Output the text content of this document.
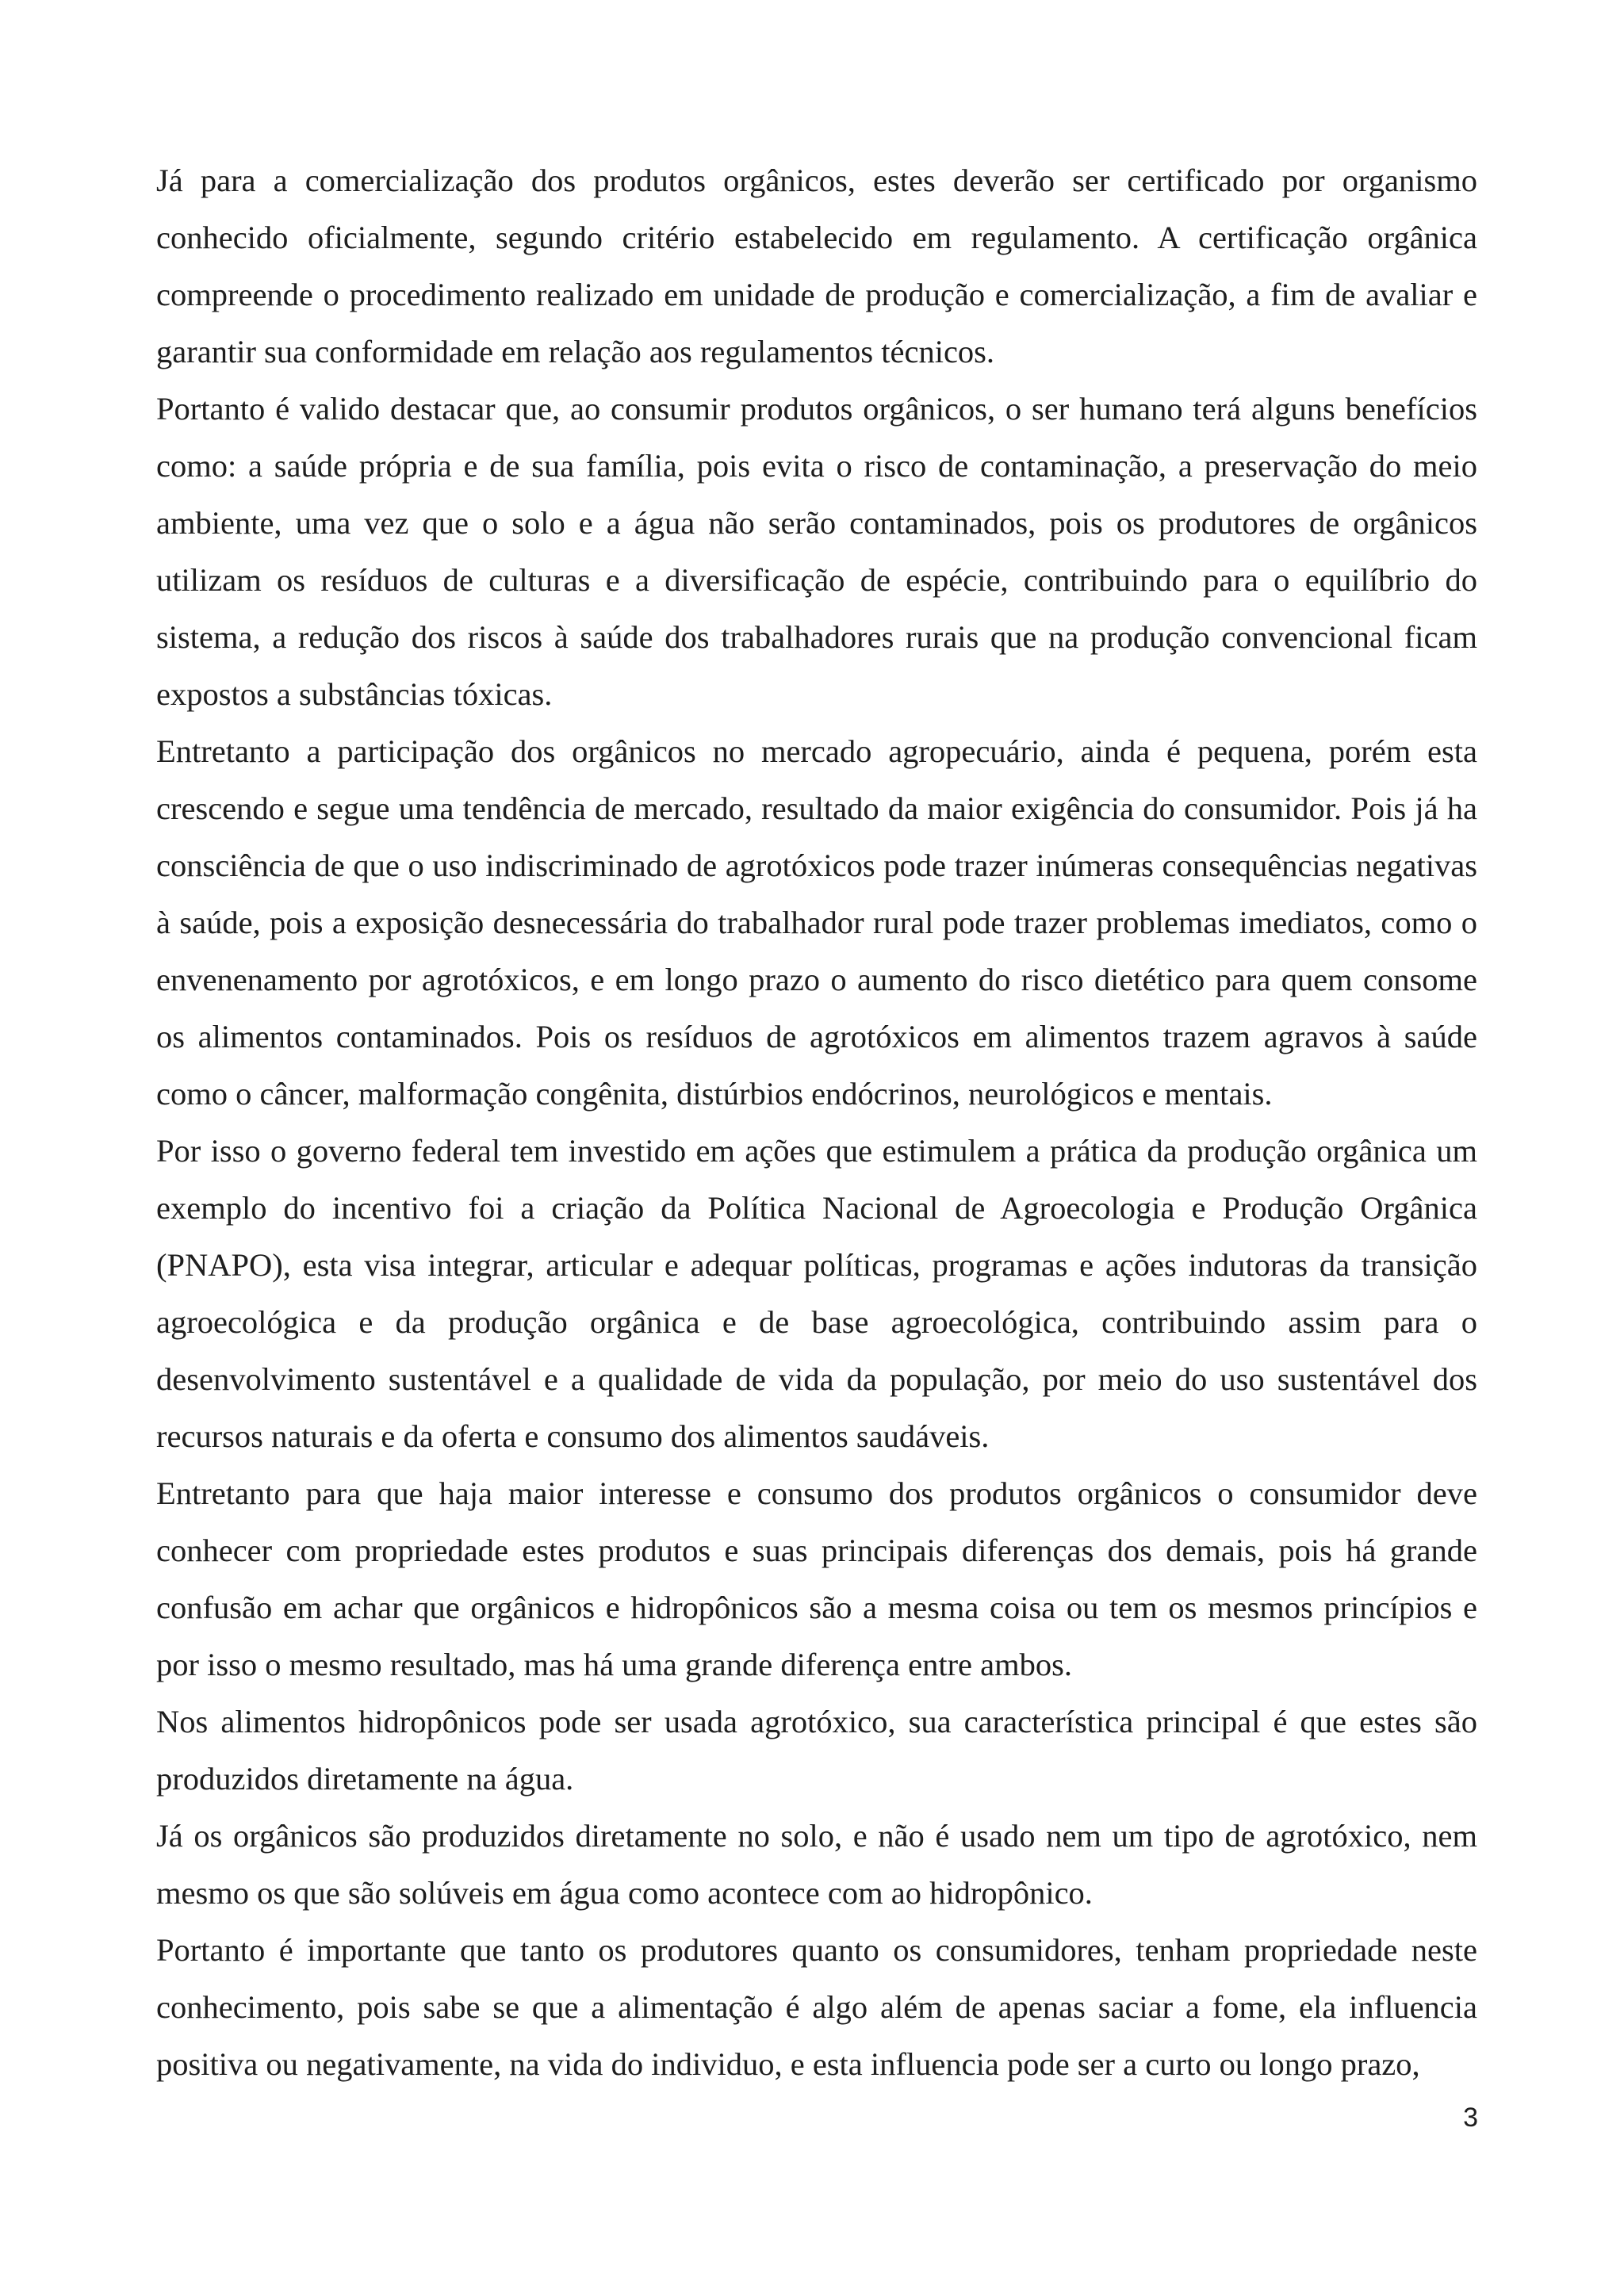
Já para a comercialização dos produtos orgânicos, estes deverão ser certificado por organismo conhecido oficialmente, segundo critério estabelecido em regulamento. A certificação orgânica compreende o procedimento realizado em unidade de produção e comercialização, a fim de avaliar e garantir sua conformidade em relação aos regulamentos técnicos.

Portanto é valido destacar que, ao consumir produtos orgânicos, o ser humano terá alguns benefícios como: a saúde própria e de sua família, pois evita o risco de contaminação, a preservação do meio ambiente, uma vez que o solo e a água não serão contaminados, pois os produtores de orgânicos utilizam os resíduos de culturas e a diversificação de espécie, contribuindo para o equilíbrio do sistema, a redução dos riscos à saúde dos trabalhadores rurais que na produção convencional ficam expostos a substâncias tóxicas.

Entretanto a participação dos orgânicos no mercado agropecuário, ainda é pequena, porém esta crescendo e segue uma tendência de mercado, resultado da maior exigência do consumidor. Pois já ha consciência de que o uso indiscriminado de agrotóxicos pode trazer inúmeras consequências negativas à saúde, pois a exposição desnecessária do trabalhador rural pode trazer problemas imediatos, como o envenenamento por agrotóxicos, e em longo prazo o aumento do risco dietético para quem consome os alimentos contaminados. Pois os resíduos de agrotóxicos em alimentos trazem agravos à saúde como o câncer, malformação congênita, distúrbios endócrinos, neurológicos e mentais.

Por isso o governo federal tem investido em ações que estimulem a prática da produção orgânica um exemplo do incentivo foi a criação da Política Nacional de Agroecologia e Produção Orgânica (PNAPO), esta visa integrar, articular e adequar políticas, programas e ações indutoras da transição agroecológica e da produção orgânica e de base agroecológica, contribuindo assim para o desenvolvimento sustentável e a qualidade de vida da população, por meio do uso sustentável dos recursos naturais e da oferta e consumo dos alimentos saudáveis.

Entretanto para que haja maior interesse e consumo dos produtos orgânicos o consumidor deve conhecer com propriedade estes produtos e suas principais diferenças dos demais, pois há grande confusão em achar que orgânicos e hidropônicos são a mesma coisa ou tem os mesmos princípios e por isso o mesmo resultado, mas há uma grande diferença entre ambos.

Nos alimentos hidropônicos pode ser usada agrotóxico, sua característica principal é que estes são produzidos diretamente na água.

Já os orgânicos são produzidos diretamente no solo, e não é usado nem um tipo de agrotóxico, nem mesmo os que são solúveis em água como acontece com ao hidropônico.

Portanto é importante que tanto os produtores quanto os consumidores, tenham propriedade neste conhecimento, pois sabe se que a alimentação é algo além de apenas saciar a fome, ela influencia positiva ou negativamente, na vida do individuo, e esta influencia pode ser a curto ou longo prazo,

3
